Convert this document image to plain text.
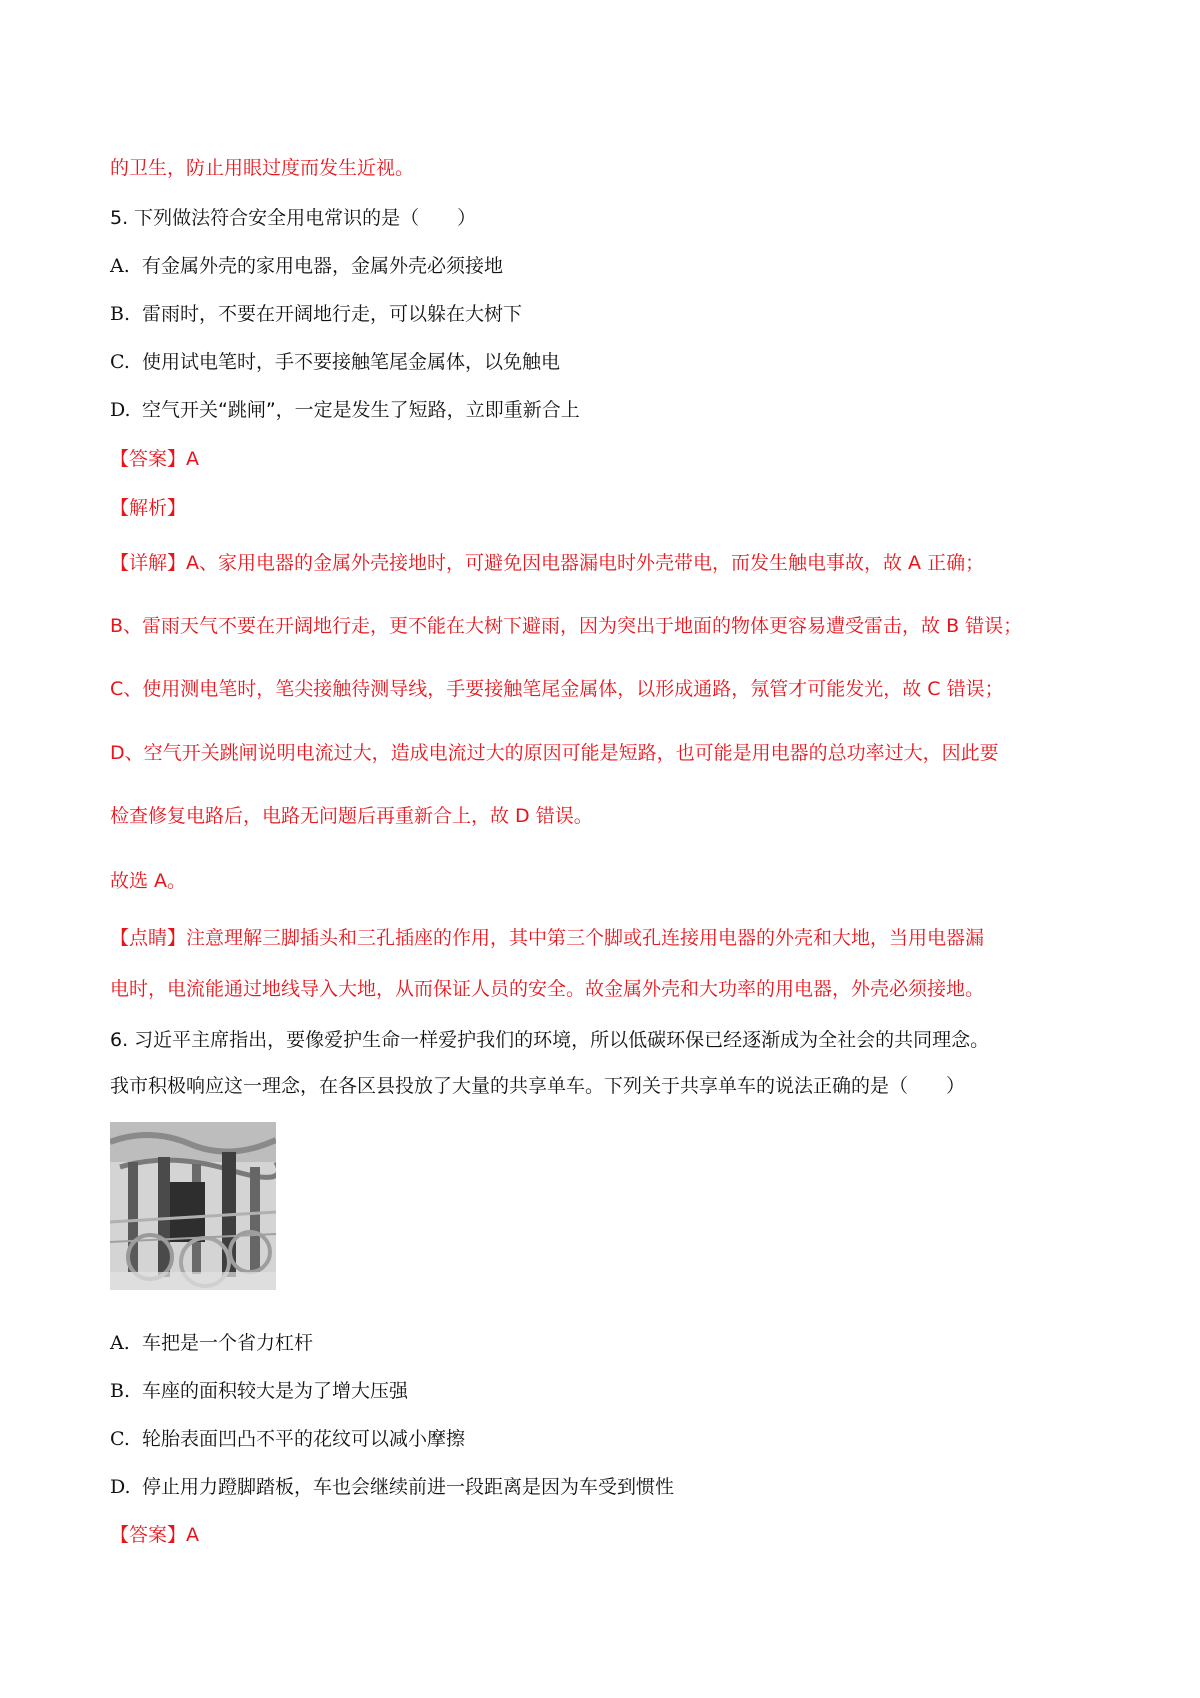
的卫生，防止用眼过度而发生近视。
5. 下列做法符合安全用电常识的是（　　）
A. 有金属外壳的家用电器，金属外壳必须接地
B. 雷雨时，不要在开阔地行走，可以躲在大树下
C. 使用试电笔时，手不要接触笔尾金属体，以免触电
D. 空气开关“跳闸”，一定是发生了短路，立即重新合上
【答案】A
【解析】
【详解】A、家用电器的金属外壳接地时，可避免因电器漏电时外壳带电，而发生触电事故，故 A 正确；
B、雷雨天气不要在开阔地行走，更不能在大树下避雨，因为突出于地面的物体更容易遭受雷击，故 B 错误；
C、使用测电笔时，笔尖接触待测导线，手要接触笔尾金属体，以形成通路，氖管才可能发光，故 C 错误；
D、空气开关跳闸说明电流过大，造成电流过大的原因可能是短路，也可能是用电器的总功率过大，因此要
检查修复电路后，电路无问题后再重新合上，故 D 错误。
故选 A。
【点睛】注意理解三脚插头和三孔插座的作用，其中第三个脚或孔连接用电器的外壳和大地，当用电器漏
电时，电流能通过地线导入大地，从而保证人员的安全。故金属外壳和大功率的用电器，外壳必须接地。
6. 习近平主席指出，要像爱护生命一样爱护我们的环境，所以低碳环保已经逐渐成为全社会的共同理念。
我市积极响应这一理念，在各区县投放了大量的共享单车。下列关于共享单车的说法正确的是（　　）
A. 车把是一个省力杠杆
B. 车座的面积较大是为了增大压强
C. 轮胎表面凹凸不平的花纹可以减小摩擦
D. 停止用力蹬脚踏板，车也会继续前进一段距离是因为车受到惯性
【答案】A
